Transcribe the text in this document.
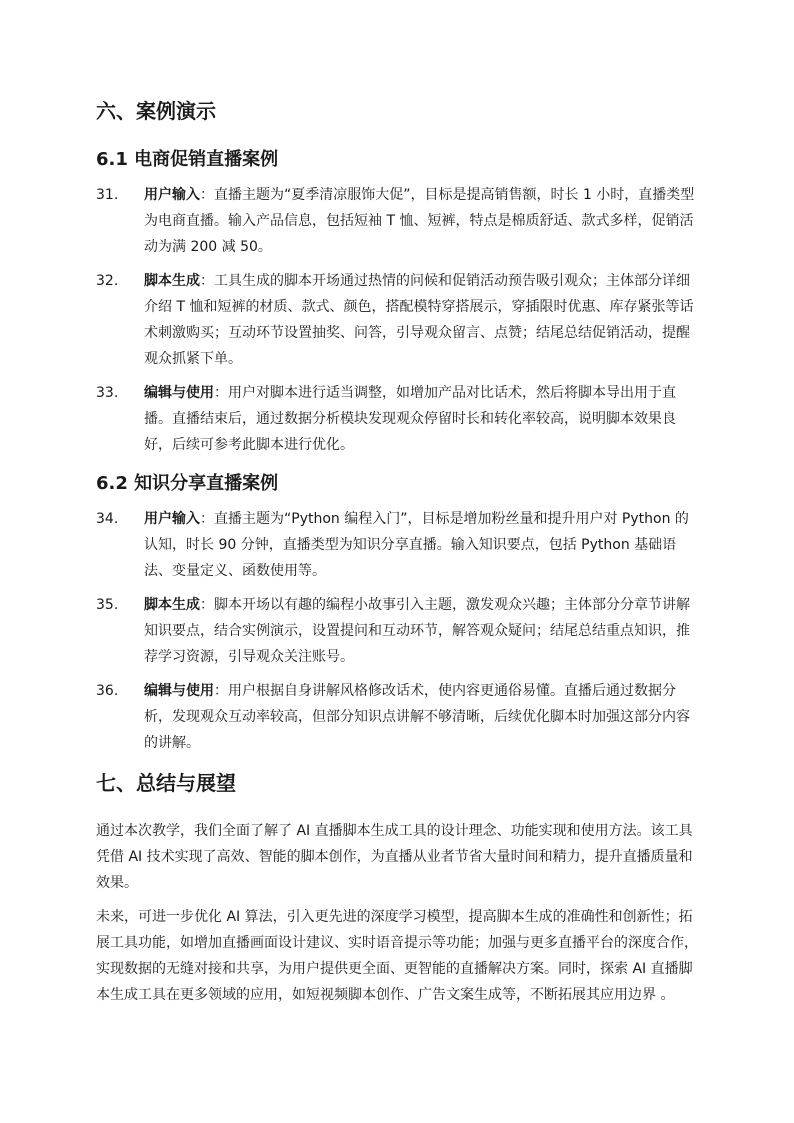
六、案例演示
6.1 电商促销直播案例
31.	用户输入：直播主题为“夏季清凉服饰大促”，目标是提高销售额，时长 1 小时，直播类型为电商直播。输入产品信息，包括短袖 T 恤、短裤，特点是棉质舒适、款式多样，促销活动为满 200 减 50。
32.	脚本生成：工具生成的脚本开场通过热情的问候和促销活动预告吸引观众；主体部分详细介绍 T 恤和短裤的材质、款式、颜色，搭配模特穿搭展示，穿插限时优惠、库存紧张等话术刺激购买；互动环节设置抽奖、问答，引导观众留言、点赞；结尾总结促销活动，提醒观众抓紧下单。
33.	编辑与使用：用户对脚本进行适当调整，如增加产品对比话术，然后将脚本导出用于直播。直播结束后，通过数据分析模块发现观众停留时长和转化率较高，说明脚本效果良好，后续可参考此脚本进行优化。
6.2 知识分享直播案例
34.	用户输入：直播主题为“Python 编程入门”，目标是增加粉丝量和提升用户对 Python 的认知，时长 90 分钟，直播类型为知识分享直播。输入知识要点，包括 Python 基础语法、变量定义、函数使用等。
35.	脚本生成：脚本开场以有趣的编程小故事引入主题，激发观众兴趣；主体部分分章节讲解知识要点，结合实例演示，设置提问和互动环节，解答观众疑问；结尾总结重点知识，推荐学习资源，引导观众关注账号。
36.	编辑与使用：用户根据自身讲解风格修改话术，使内容更通俗易懂。直播后通过数据分析，发现观众互动率较高，但部分知识点讲解不够清晰，后续优化脚本时加强这部分内容的讲解。
七、总结与展望

通过本次教学，我们全面了解了 AI 直播脚本生成工具的设计理念、功能实现和使用方法。该工具凭借 AI 技术实现了高效、智能的脚本创作，为直播从业者节省大量时间和精力，提升直播质量和效果。

未来，可进一步优化 AI 算法，引入更先进的深度学习模型，提高脚本生成的准确性和创新性；拓展工具功能，如增加直播画面设计建议、实时语音提示等功能；加强与更多直播平台的深度合作，实现数据的无缝对接和共享，为用户提供更全面、更智能的直播解决方案。同时，探索 AI 直播脚本生成工具在更多领域的应用，如短视频脚本创作、广告文案生成等，不断拓展其应用边界 。
